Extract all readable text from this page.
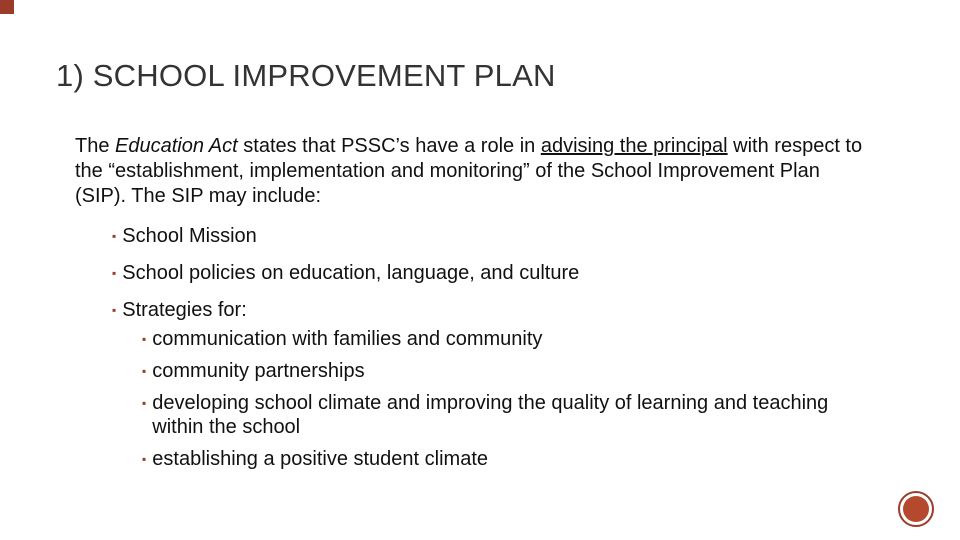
1) SCHOOL IMPROVEMENT PLAN
The Education Act states that PSSC’s have a role in advising the principal with respect to the “establishment, implementation and monitoring” of the School Improvement Plan (SIP). The SIP may include:
▪ School Mission
▪ School policies on education, language, and culture
▪ Strategies for:
▪ communication with families and community
▪ community partnerships
▪ developing school climate and improving the quality of learning and teaching within the school
▪ establishing a positive student climate
